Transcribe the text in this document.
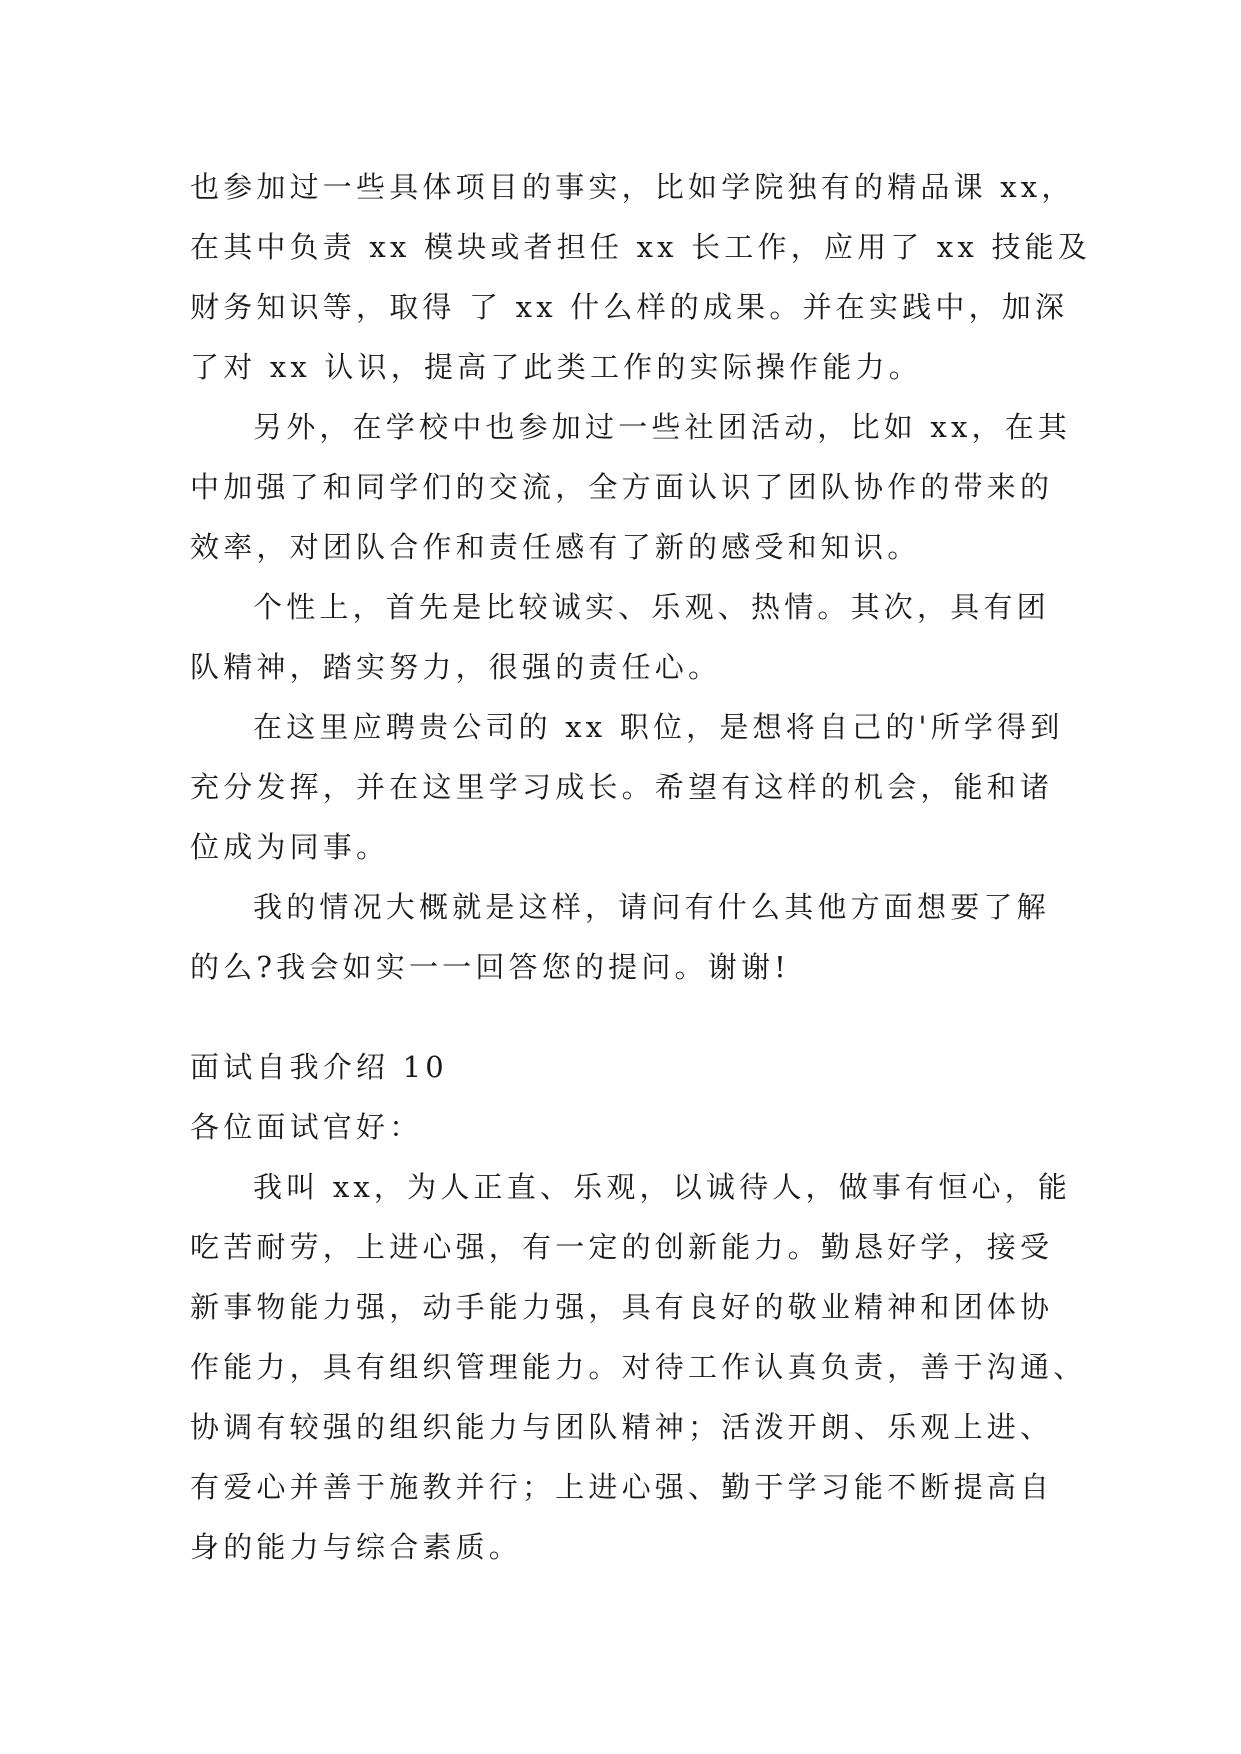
也参加过一些具体项目的事实，比如学院独有的精品课 xx，
在其中负责 xx 模块或者担任 xx 长工作，应用了 xx 技能及
财务知识等，取得 了 xx 什么样的成果。并在实践中，加深
了对 xx 认识，提高了此类工作的实际操作能力。
另外，在学校中也参加过一些社团活动，比如 xx，在其
中加强了和同学们的交流，全方面认识了团队协作的带来的
效率，对团队合作和责任感有了新的感受和知识。
个性上，首先是比较诚实、乐观、热情。其次，具有团
队精神，踏实努力，很强的责任心。
在这里应聘贵公司的 xx 职位，是想将自己的'所学得到
充分发挥，并在这里学习成长。希望有这样的机会，能和诸
位成为同事。
我的情况大概就是这样，请问有什么其他方面想要了解
的么?我会如实一一回答您的提问。谢谢!
面试自我介绍 10
各位面试官好：
我叫 xx，为人正直、乐观，以诚待人，做事有恒心，能
吃苦耐劳，上进心强，有一定的创新能力。勤恳好学，接受
新事物能力强，动手能力强，具有良好的敬业精神和团体协
作能力，具有组织管理能力。对待工作认真负责，善于沟通、
协调有较强的组织能力与团队精神；活泼开朗、乐观上进、
有爱心并善于施教并行；上进心强、勤于学习能不断提高自
身的能力与综合素质。
